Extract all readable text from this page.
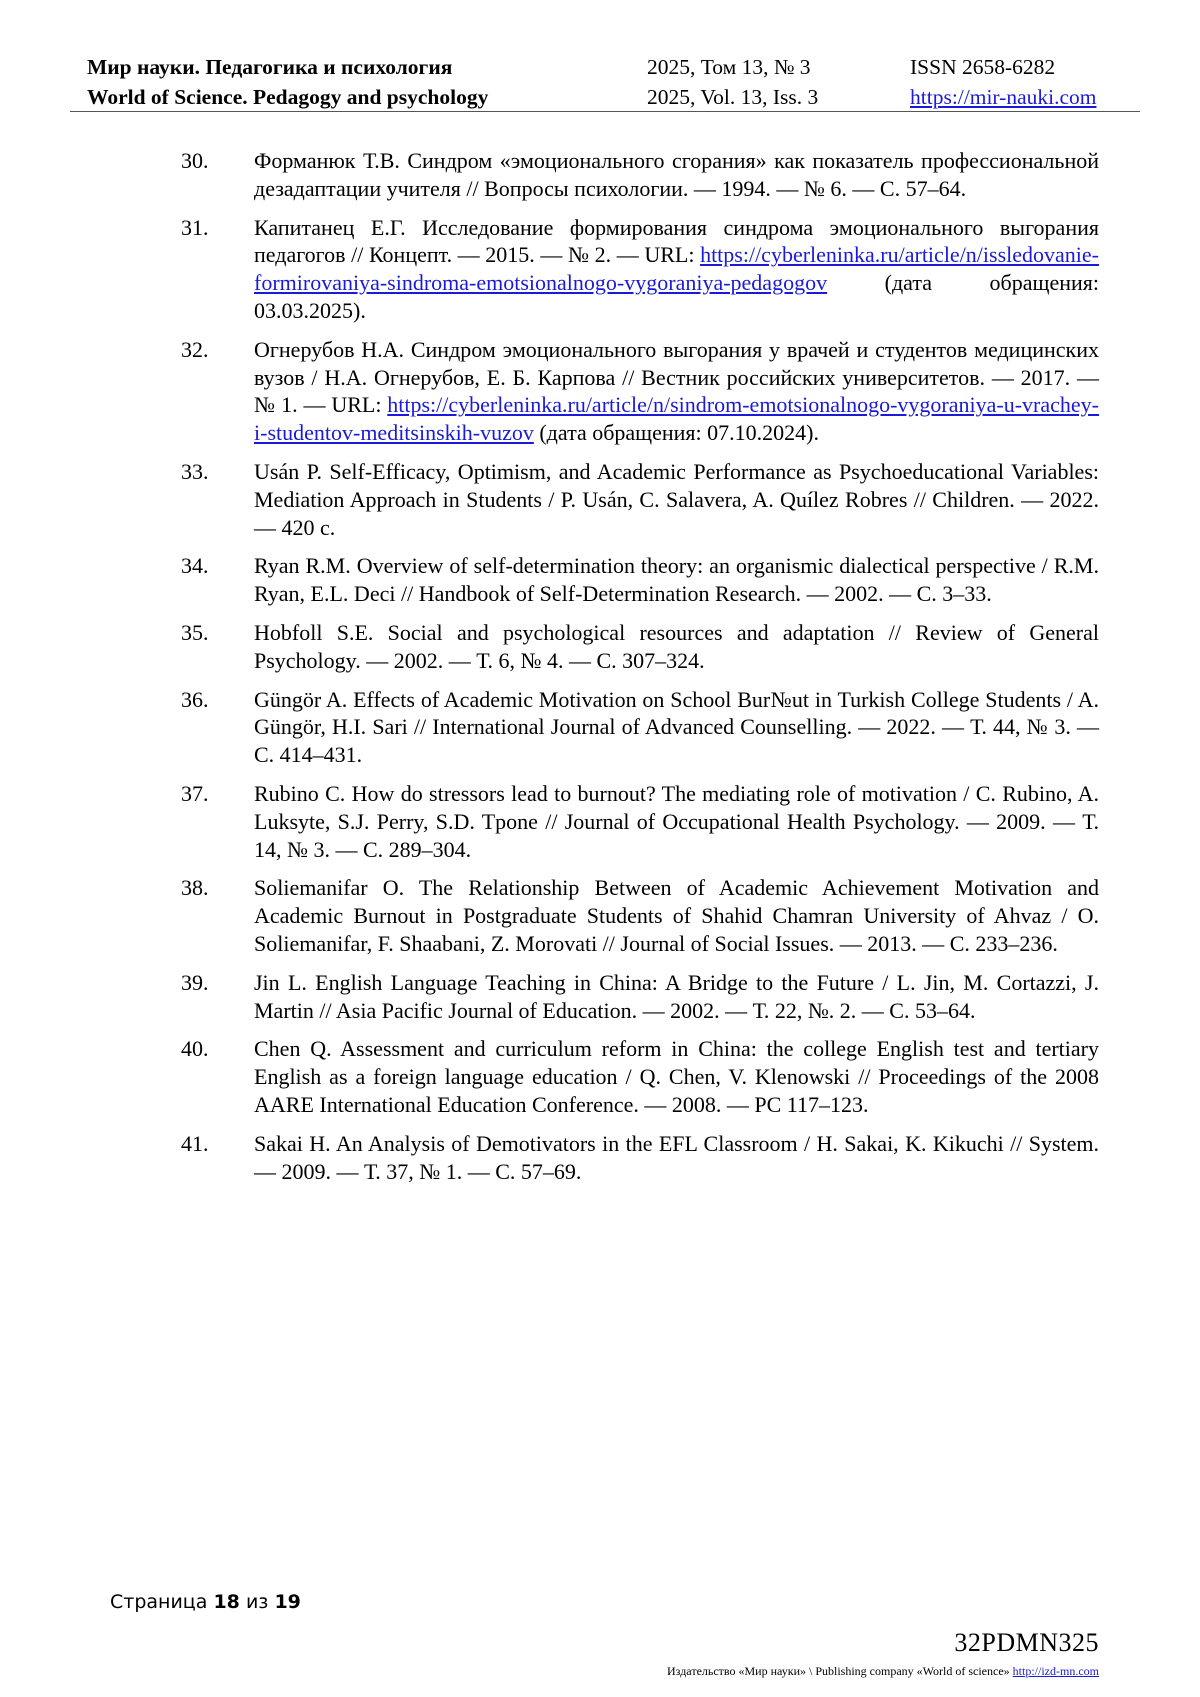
Мир науки. Педагогика и психология	2025, Том 13, № 3	ISSN 2658-6282
World of Science. Pedagogy and psychology	2025, Vol. 13, Iss. 3	https://mir-nauki.com
30. Форманюк Т.В. Синдром «эмоционального сгорания» как показатель профессиональной дезадаптации учителя // Вопросы психологии. — 1994. — № 6. — С. 57–64.
31. Капитанец Е.Г. Исследование формирования синдрома эмоционального выгорания педагогов // Концепт. — 2015. — № 2. — URL: https://cyberleninka.ru/article/n/issledovanie-formirovaniya-sindroma-emotsionalnogo-vygoraniya-pedagogov (дата обращения: 03.03.2025).
32. Огнерубов Н.А. Синдром эмоционального выгорания у врачей и студентов медицинских вузов / Н.А. Огнерубов, Е. Б. Карпова // Вестник российских университетов. — 2017. — № 1. — URL: https://cyberleninka.ru/article/n/sindrom-emotsionalnogo-vygoraniya-u-vrachey-i-studentov-meditsinskih-vuzov (дата обращения: 07.10.2024).
33. Usán P. Self-Efficacy, Optimism, and Academic Performance as Psychoeducational Variables: Mediation Approach in Students / P. Usán, C. Salavera, A. Quílez Robres // Children. — 2022. — 420 с.
34. Ryan R.M. Overview of self-determination theory: an organismic dialectical perspective / R.M. Ryan, E.L. Deci // Handbook of Self-Determination Research. — 2002. — С. 3–33.
35. Hobfoll S.E. Social and psychological resources and adaptation // Review of General Psychology. — 2002. — Т. 6, № 4. — С. 307–324.
36. Güngör A. Effects of Academic Motivation on School Bur№ut in Turkish College Students / A. Güngör, H.I. Sari // International Journal of Advanced Counselling. — 2022. — Т. 44, № 3. — С. 414–431.
37. Rubino C. How do stressors lead to burnout? The mediating role of motivation / C. Rubino, A. Luksyte, S.J. Perry, S.D. Tpone // Journal of Occupational Health Psychology. — 2009. — Т. 14, № 3. — С. 289–304.
38. Soliemanifar O. The Relationship Between of Academic Achievement Motivation and Academic Burnout in Postgraduate Students of Shahid Chamran University of Ahvaz / O. Soliemanifar, F. Shaabani, Z. Morovati // Journal of Social Issues. — 2013. — С. 233–236.
39. Jin L. English Language Teaching in China: A Bridge to the Future / L. Jin, M. Cortazzi, J. Martin // Asia Pacific Journal of Education. — 2002. — Т. 22, №. 2. — С. 53–64.
40. Chen Q. Assessment and curriculum reform in China: the college English test and tertiary English as a foreign language education / Q. Chen, V. Klenowski // Proceedings of the 2008 AARE International Education Conference. — 2008. — PC 117–123.
41. Sakai H. An Analysis of Demotivators in the EFL Classroom / H. Sakai, K. Kikuchi // System. — 2009. — Т. 37, № 1. — С. 57–69.
Страница 18 из 19
32PDMN325
Издательство «Мир науки» \ Publishing company «World of science» http://izd-mn.com
